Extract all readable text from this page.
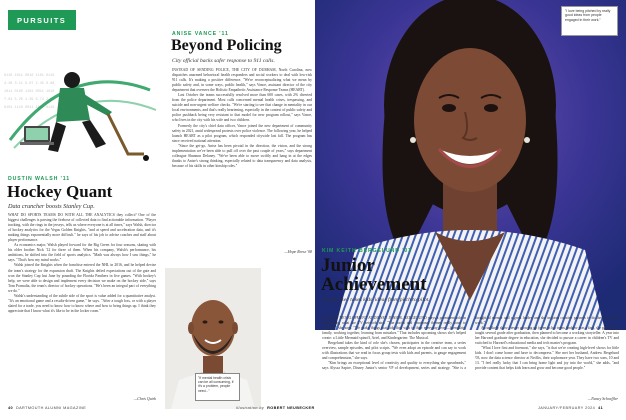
PURSUITS
0110 1011 0010 1101 0110
4.28 3.11 9.07 2.45 0.88
1011 0100 1101 0011 1010
7.63 5.20 1.39 6.74 2.02
0101 1110 0011 1001 0110
DUSTIN WALSH '11
Hockey Quant
Data cruncher boosts Stanley Cup.

WHAT DO SPORTS TEAMS DO WITH ALL THE ANALYTICS they collect? One of the biggest challenges is parsing the firehose of collected data to find actionable information. "Player tracking, with the rings in the jerseys, tells us where everyone is at all times," says Walsh, director of hockey analytics for the Vegas Golden Knights, "and at speed and acceleration data, and it's making things exponentially more difficult." he says of his job to advise coaches and staff about player performance.

As economics major, Walsh played forward for the Big Green for four seasons, skating with his older brother Nick '12 for three of them. When his company, Walsh's performance, his ambitions, he shifted into the field of sports analytics. "Math was always how I saw things," he says. "That's how my mind works."

Walsh joined the Knights when the franchise entered the NHL in 2016, and he helped devise the team's strategy for the expansion draft. The Knights defied expectations out of the gate and won the Stanley Cup last June by pounding the Florida Panthers in five games. "With hockey's help, we were able to design and implement every decision we make on the hockey side," says Tom Pormalia, the team's director of hockey operations. "He's been an integral part of everything we do."

Walsh's understanding of the subtle side of the sport is value added for a quantitative analyst. "It's an emotional game and a results-driven game," he says. "After a tough loss, or with a player slated for a trade, you need to know how to know where and how to bring things up. I think they appreciate that I know what it's like to be in the locker room."

—Chris Quirk
ANISE VANCE '11
Beyond Policing
City official backs safer response to 911 calls.

INSTEAD OF SENDING POLICE, THE CITY OF DURHAM, North Carolina, now dispatches unarmed behavioral health responders and social workers to deal with low-risk 911 calls. It's making a positive difference. "We're reconceptualizing what we mean by public safety and, in some ways, public health," says Vance, assistant director of the city department that oversees the Holistic Empathetic Assistance Response Teams (HEART).

Last October the teams successfully resolved more than 600 cases, with 2% diverted from the police department. Most calls concerned mental health crises, trespassing, and suicide and non-urgent welfare checks. "We're starting to see that change in mentality in our local environments, and that's really heartening, especially in the context of public safety and police pushback being very resistant to that model for new program rollout," says Vance, who lives in the city with his wife and two children.

Formerly the city's chief data officer, Vance joined the new department of community safety in 2021, amid widespread protests over police violence. The following year, he helped launch HEART as a pilot program, which responded citywide last fall. The program has since received national attention.

"Since the get-go, Anise has been pivotal in the direction, the vision, and the strong implementation we've been able to pull off over the past couple of years," says department colleague Shannon Delaney. "We've been able to move swiftly and hang in at the edges thanks to Anise's strong thinking, especially related to data transparency and data analysis, because of his skills in other kinship roles."

—Hope Reese '08
"If mental health crisis can be all consuming, if it's a problem, people need..."
"I love being pitched by really good ideas from people engaged in their work."
KIM KEITH BERGELUND '03
Junior
Achievement
Disney exec takes kids' ideas from pitch to pilot.

AS VP OF DEVELOPMENT AT DISNEY JUNIOR, BERGELUND plays a prominent role in determining what the TV network airs. "The social and emotional themes really have to resonate," she says. "We make things that kids find with in their everyday lives—friendship, family, working together, learning from mistakes." That includes upcoming shows she's helped create: a Little Mermaid spinoff, Ariel, and Kindergarten: The Musical.

Bergelund takes the kind of role she's chosen, participates in the creative team, a series overview, sample episodes, and pilot scripts. "We even adopt an episode and can say to work with illustrations that we read in focus group tests with kids and parents, to gauge engagement and comprehension," she says.

"Kim brings an exceptional level of creativity and quality to everything she spearheads," says Alyssa Sapire, Disney Junior's senior VP of development, series and strategy. "She is a thoughtful mentor and a great leader, and she inspires creative partners to do their very best work."

An unlikely show viewer growing up (even in her teens Andrew was a fan), she parts major taught several grade after graduation, then planned to become a working storyteller. A year into her Harvard graduate degree in education, she decided to pursue a career in children's TV and switched to Harvard's educational media and tech master's program.

"What I love first and foremost," she says, "is that we're creating high-level shows for little kids. I don't come home and have to decompress." She met her husband, Andrew Bergelund '03, now the data science director at Netflix, their sophomore year. They have two sons, 10 and 13. "I feel really lucky that I can bring home light and joy into the world," she adds, "and provide content that helps kids learn and grow and become good people."

—Nancy Schoeffler
40 DARTMOUTH ALUMNI MAGAZINE	illustration by ROBERT NEUBECKER	JANUARY/FEBRUARY 2024 41
